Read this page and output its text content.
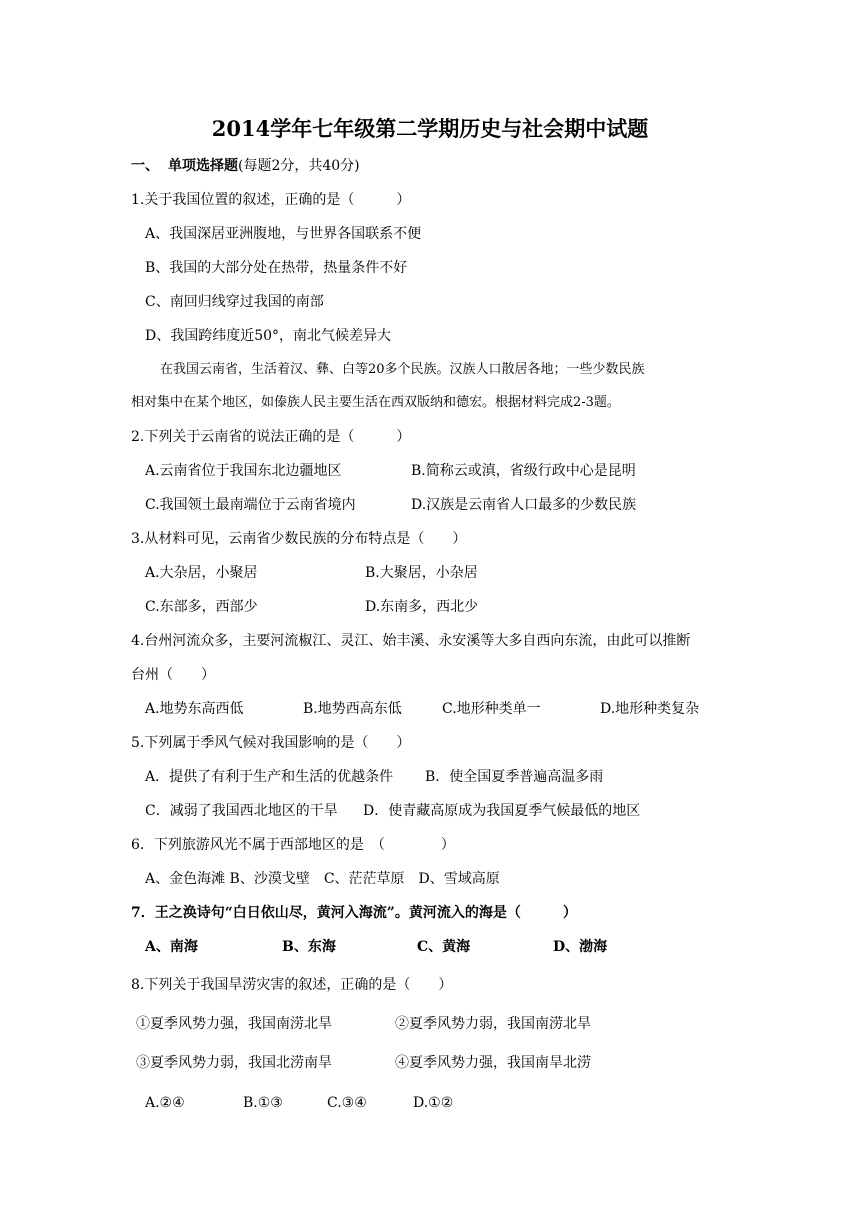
2014学年七年级第二学期历史与社会期中试题
一、 单项选择题(每题2分，共40分)
1.关于我国位置的叙述，正确的是（　　　）
A、我国深居亚洲腹地，与世界各国联系不便
B、我国的大部分处在热带，热量条件不好
C、南回归线穿过我国的南部
D、我国跨纬度近50°，南北气候差异大
在我国云南省，生活着汉、彝、白等20多个民族。汉族人口散居各地；一些少数民族
相对集中在某个地区，如傣族人民主要生活在西双版纳和德宏。根据材料完成2-3题。
2.下列关于云南省的说法正确的是（　　　）
A.云南省位于我国东北边疆地区	B.简称云或滇，省级行政中心是昆明
C.我国领土最南端位于云南省境内	D.汉族是云南省人口最多的少数民族
3.从材料可见，云南省少数民族的分布特点是（　　）
A.大杂居，小聚居	B.大聚居，小杂居
C.东部多，西部少	D.东南多，西北少
4.台州河流众多，主要河流椒江、灵江、始丰溪、永安溪等大多自西向东流，由此可以推断
台州（　　）
A.地势东高西低	B.地势西高东低	C.地形种类单一	D.地形种类复杂
5.下列属于季风气候对我国影响的是（　　）
A．提供了有利于生产和生活的优越条件 B．使全国夏季普遍高温多雨
C．减弱了我国西北地区的干旱 D．使青藏高原成为我国夏季气候最低的地区
6．下列旅游风光不属于西部地区的是　（　　　　）
A、金色海滩 B、沙漠戈壁　C、茫茫草原　D、雪域高原
7．王之涣诗句“白日依山尽，黄河入海流”。黄河流入的海是（　　　）
A、南海	B、东海	C、黄海	D、渤海
8.下列关于我国旱涝灾害的叙述，正确的是（　　）
①夏季风势力强，我国南涝北旱	②夏季风势力弱，我国南涝北旱
③夏季风势力弱，我国北涝南旱	④夏季风势力强，我国南旱北涝
A.②④	B.①③	C.③④	D.①②
